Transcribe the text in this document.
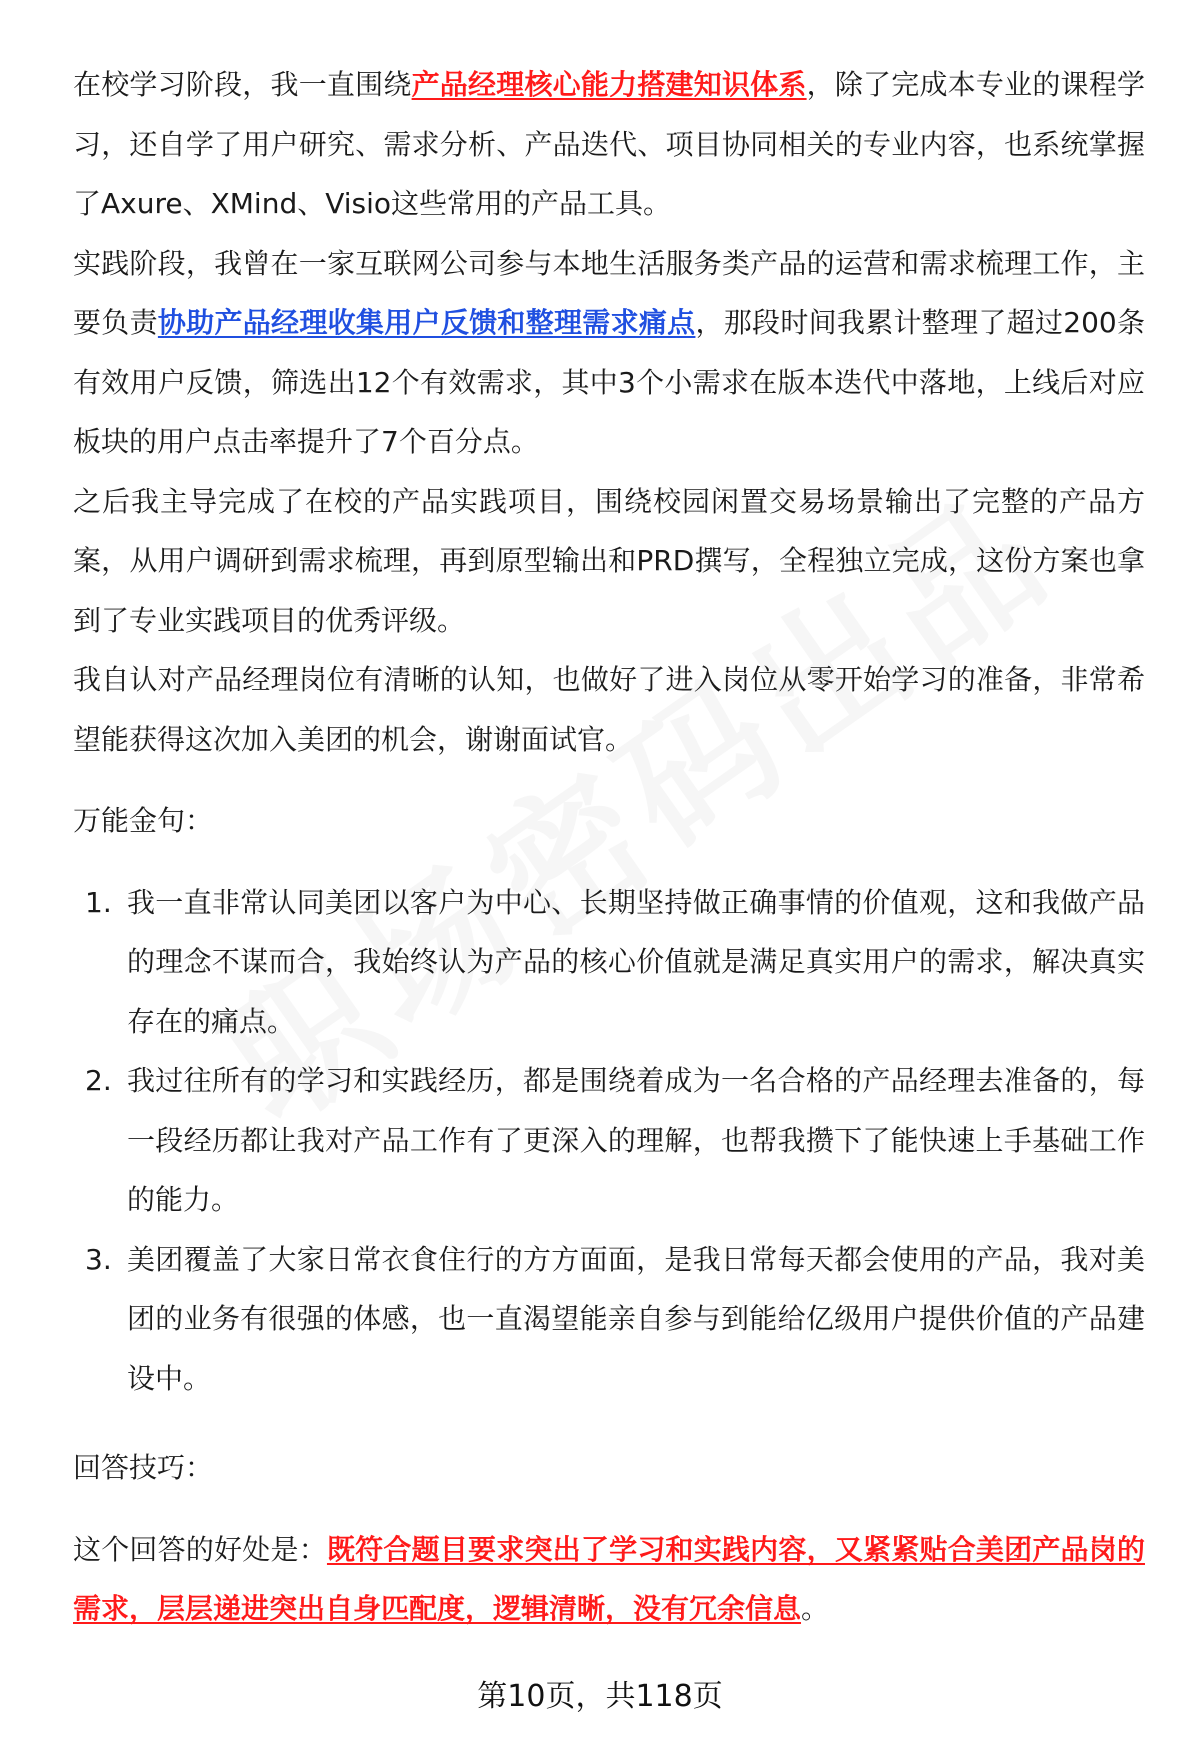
在校学习阶段，我一直围绕产品经理核心能力搭建知识体系，除了完成本专业的课程学习，还自学了用户研究、需求分析、产品迭代、项目协同相关的专业内容，也系统掌握了Axure、XMind、Visio这些常用的产品工具。

实践阶段，我曾在一家互联网公司参与本地生活服务类产品的运营和需求梳理工作，主要负责协助产品经理收集用户反馈和整理需求痛点，那段时间我累计整理了超过200条有效用户反馈，筛选出12个有效需求，其中3个小需求在版本迭代中落地，上线后对应板块的用户点击率提升了7个百分点。

之后我主导完成了在校的产品实践项目，围绕校园闲置交易场景输出了完整的产品方案，从用户调研到需求梳理，再到原型输出和PRD撰写，全程独立完成，这份方案也拿到了专业实践项目的优秀评级。

我自认对产品经理岗位有清晰的认知，也做好了进入岗位从零开始学习的准备，非常希望能获得这次加入美团的机会，谢谢面试官。

万能金句：

1. 我一直非常认同美团以客户为中心、长期坚持做正确事情的价值观，这和我做产品的理念不谋而合，我始终认为产品的核心价值就是满足真实用户的需求，解决真实存在的痛点。
2. 我过往所有的学习和实践经历，都是围绕着成为一名合格的产品经理去准备的，每一段经历都让我对产品工作有了更深入的理解，也帮我攒下了能快速上手基础工作的能力。
3. 美团覆盖了大家日常衣食住行的方方面面，是我日常每天都会使用的产品，我对美团的业务有很强的体感，也一直渴望能亲自参与到能给亿级用户提供价值的产品建设中。

回答技巧：

这个回答的好处是：既符合题目要求突出了学习和实践内容，又紧紧贴合美团产品岗的需求，层层递进突出自身匹配度，逻辑清晰，没有冗余信息。

第10页，共118页
